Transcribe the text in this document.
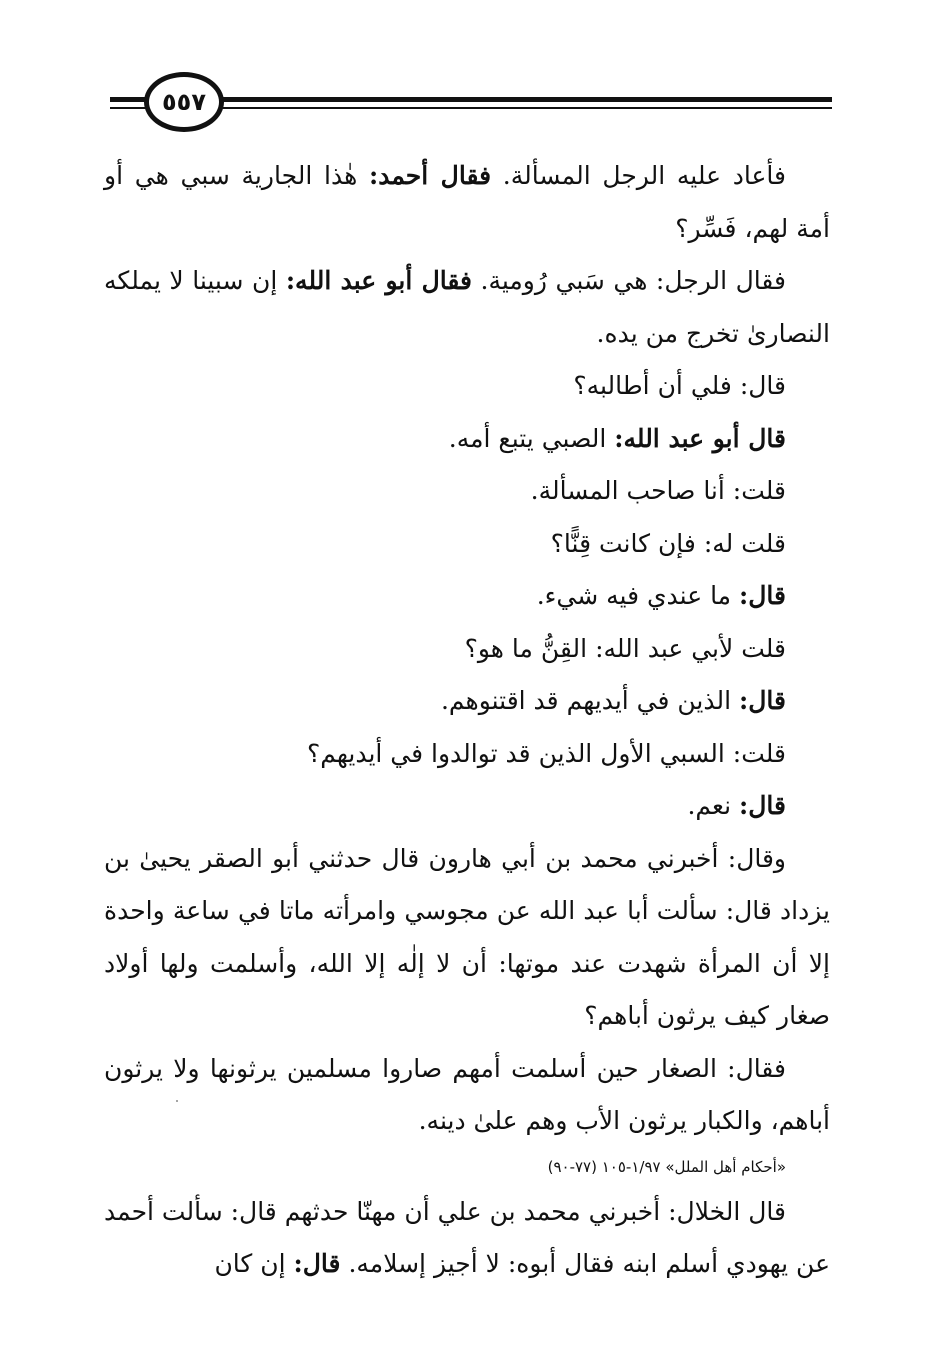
٥٥٧

فأعاد عليه الرجل المسألة. فقال أحمد: هٰذا الجارية سبي هي أو أمة لهم، فَسِّر؟

فقال الرجل: هي سَبي رُومية. فقال أبو عبد الله: إن سبينا لا يملكه النصارىٰ تخرج من يده.

قال: فلي أن أطالبه؟

قال أبو عبد الله: الصبي يتبع أمه.

قلت: أنا صاحب المسألة.

قلت له: فإن كانت قِنًّا؟

قال: ما عندي فيه شيء.

قلت لأبي عبد الله: القِنُّ ما هو؟

قال: الذين في أيديهم قد اقتنوهم.

قلت: السبي الأول الذين قد توالدوا في أيديهم؟

قال: نعم.

وقال: أخبرني محمد بن أبي هارون قال حدثني أبو الصقر يحيىٰ بن يزداد قال: سألت أبا عبد الله عن مجوسي وامرأته ماتا في ساعة واحدة إلا أن المرأة شهدت عند موتها: أن لا إلٰه إلا الله، وأسلمت ولها أولاد صغار كيف يرثون أباهم؟

فقال: الصغار حين أسلمت أمهم صاروا مسلمين يرثونها ولا يرثون أباهم، والكبار يرثون الأب وهم علىٰ دينه.

«أحكام أهل الملل» ١/٩٧-١٠٥ (٧٧-٩٠)

قال الخلال: أخبرني محمد بن علي أن مهنّا حدثهم قال: سألت أحمد عن يهودي أسلم ابنه فقال أبوه: لا أجيز إسلامه. قال: إن كان
